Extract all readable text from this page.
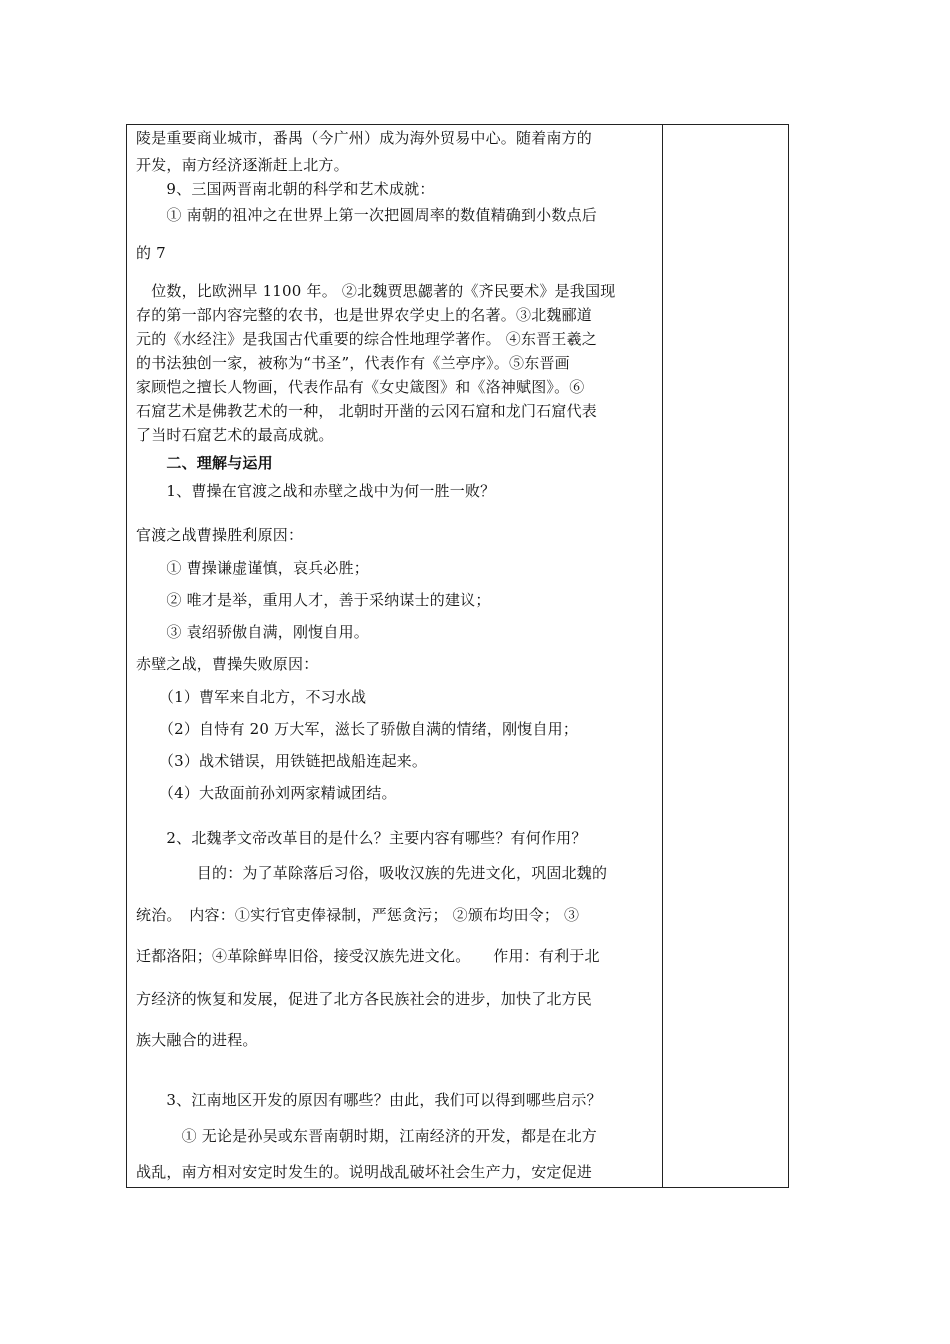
陵是重要商业城市，番禺（今广州）成为海外贸易中心。随着南方的
开发，南方经济逐渐赶上北方。
　　9、三国两晋南北朝的科学和艺术成就：
　　① 南朝的祖冲之在世界上第一次把圆周率的数值精确到小数点后
的 7
　位数，比欧洲早 1100 年。 ②北魏贾思勰著的《齐民要术》是我国现
存的第一部内容完整的农书，也是世界农学史上的名著。③北魏郦道
元的《水经注》是我国古代重要的综合性地理学著作。 ④东晋王羲之
的书法独创一家，被称为“书圣”，代表作有《兰亭序》。⑤东晋画
家顾恺之擅长人物画，代表作品有《女史箴图》和《洛神赋图》。⑥
石窟艺术是佛教艺术的一种， 北朝时开凿的云冈石窟和龙门石窟代表
了当时石窟艺术的最高成就。
　　二、理解与运用
　　1、曹操在官渡之战和赤壁之战中为何一胜一败？
官渡之战曹操胜利原因：
　　① 曹操谦虚谨慎，哀兵必胜；
　　② 唯才是举，重用人才，善于采纳谋士的建议；
　　③ 袁绍骄傲自满，刚愎自用。
赤壁之战，曹操失败原因：
　　（1）曹军来自北方，不习水战
　　（2）自恃有 20 万大军，滋长了骄傲自满的情绪，刚愎自用；
　　（3）战术错误，用铁链把战船连起来。
　　（4）大敌面前孙刘两家精诚团结。
　　2、北魏孝文帝改革目的是什么？主要内容有哪些？有何作用？
　　　　目的：为了革除落后习俗，吸收汉族的先进文化，巩固北魏的
统治。　内容：①实行官吏俸禄制，严惩贪污； ②颁布均田令； ③
迁都洛阳；④革除鲜卑旧俗，接受汉族先进文化。　　作用：有利于北
方经济的恢复和发展，促进了北方各民族社会的进步，加快了北方民
族大融合的进程。
　　3、江南地区开发的原因有哪些？由此，我们可以得到哪些启示？
　　　① 无论是孙吴或东晋南朝时期，江南经济的开发，都是在北方
战乱，南方相对安定时发生的。说明战乱破坏社会生产力，安定促进
